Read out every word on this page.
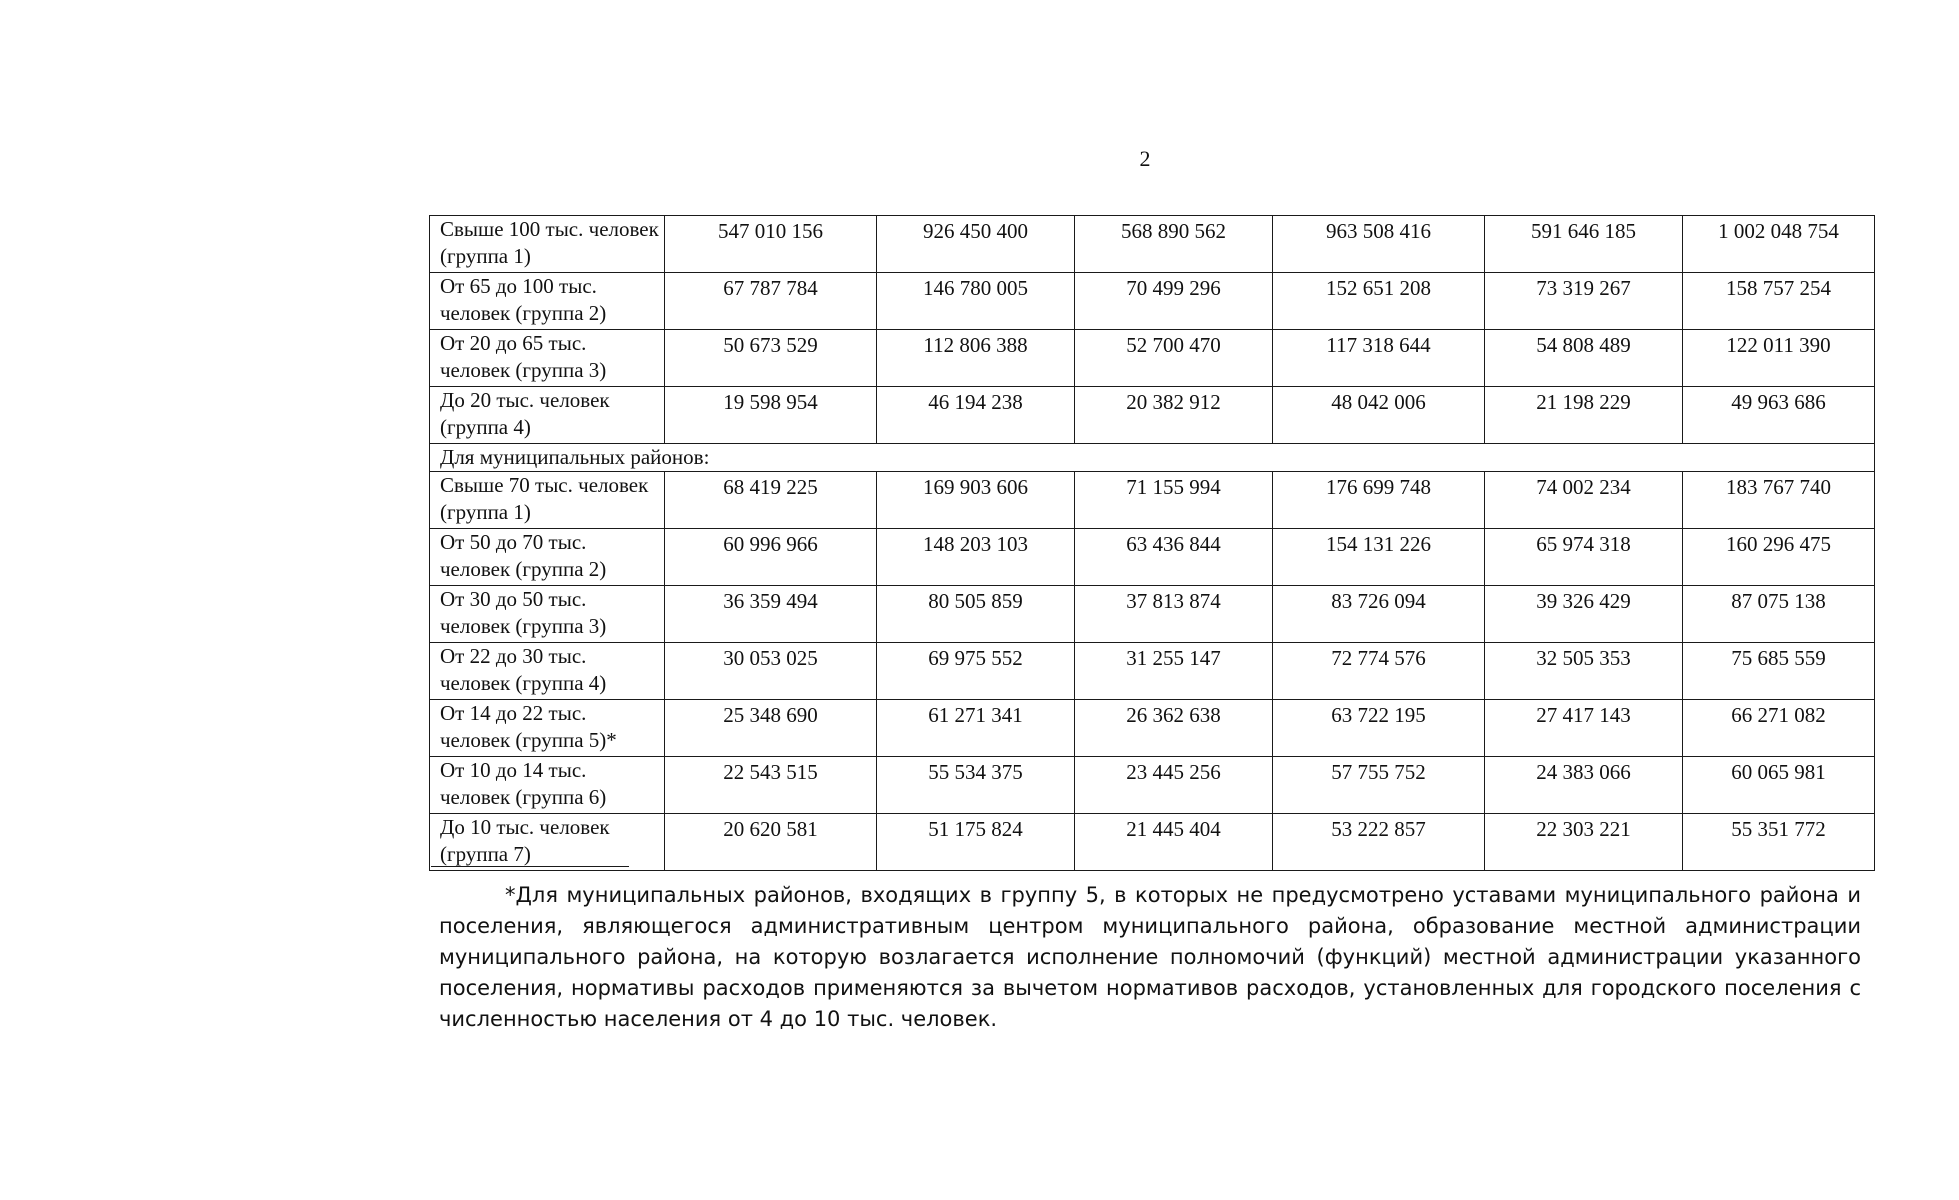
2
Свыше 100 тыс. человек (группа 1)	547 010 156	926 450 400	568 890 562	963 508 416	591 646 185	1 002 048 754
От 65 до 100 тыс. человек (группа 2)	67 787 784	146 780 005	70 499 296	152 651 208	73 319 267	158 757 254
От 20 до 65 тыс. человек (группа 3)	50 673 529	112 806 388	52 700 470	117 318 644	54 808 489	122 011 390
До 20 тыс. человек (группа 4)	19 598 954	46 194 238	20 382 912	48 042 006	21 198 229	49 963 686
Для муниципальных районов:						
Свыше 70 тыс. человек (группа 1)	68 419 225	169 903 606	71 155 994	176 699 748	74 002 234	183 767 740
От 50 до 70 тыс. человек (группа 2)	60 996 966	148 203 103	63 436 844	154 131 226	65 974 318	160 296 475
От 30 до 50 тыс. человек (группа 3)	36 359 494	80 505 859	37 813 874	83 726 094	39 326 429	87 075 138
От 22 до 30 тыс. человек (группа 4)	30 053 025	69 975 552	31 255 147	72 774 576	32 505 353	75 685 559
От 14 до 22 тыс. человек (группа 5)*	25 348 690	61 271 341	26 362 638	63 722 195	27 417 143	66 271 082
От 10 до 14 тыс. человек (группа 6)	22 543 515	55 534 375	23 445 256	57 755 752	24 383 066	60 065 981
До 10 тыс. человек (группа 7)	20 620 581	51 175 824	21 445 404	53 222 857	22 303 221	55 351 772

*Для муниципальных районов, входящих в группу 5, в которых не предусмотрено уставами муниципального района и поселения, являющегося административным центром муниципального района, образование местной администрации муниципального района, на которую возлагается исполнение полномочий (функций) местной администрации указанного поселения, нормативы расходов применяются за вычетом нормативов расходов, установленных для городского поселения с численностью населения от 4 до 10 тыс. человек.
